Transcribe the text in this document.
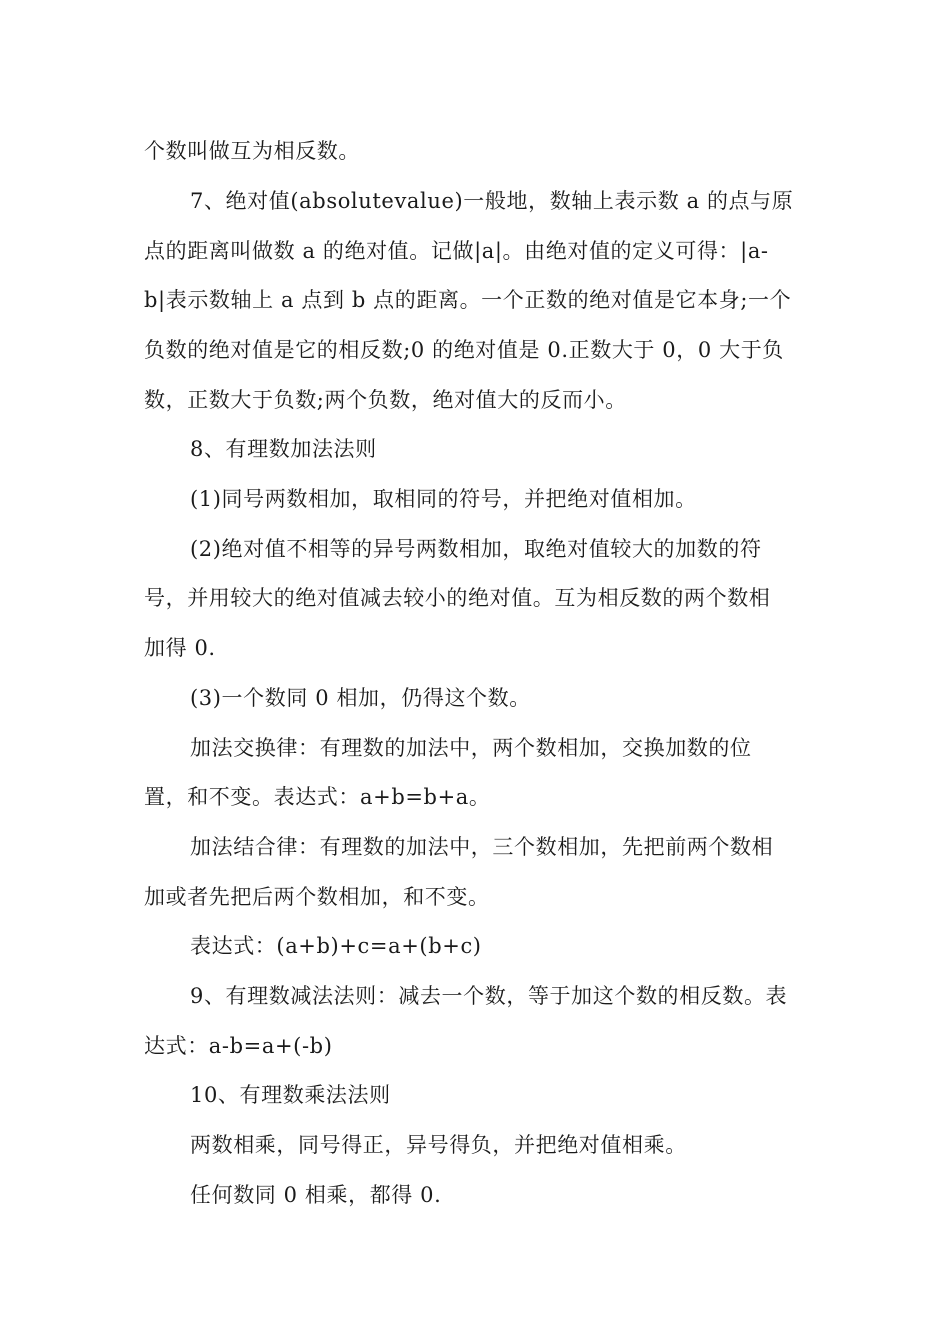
个数叫做互为相反数。
7、绝对值(absolutevalue)一般地，数轴上表示数 a 的点与原
点的距离叫做数 a 的绝对值。记做|a|。由绝对值的定义可得：|a-
b|表示数轴上 a 点到 b 点的距离。一个正数的绝对值是它本身;一个
负数的绝对值是它的相反数;0 的绝对值是 0.正数大于 0，0 大于负
数，正数大于负数;两个负数，绝对值大的反而小。
8、有理数加法法则
(1)同号两数相加，取相同的符号，并把绝对值相加。
(2)绝对值不相等的异号两数相加，取绝对值较大的加数的符
号，并用较大的绝对值减去较小的绝对值。互为相反数的两个数相
加得 0.
(3)一个数同 0 相加，仍得这个数。
加法交换律：有理数的加法中，两个数相加，交换加数的位
置，和不变。表达式：a+b=b+a。
加法结合律：有理数的加法中，三个数相加，先把前两个数相
加或者先把后两个数相加，和不变。
表达式：(a+b)+c=a+(b+c)
9、有理数减法法则：减去一个数，等于加这个数的相反数。表
达式：a-b=a+(-b)
10、有理数乘法法则
两数相乘，同号得正，异号得负，并把绝对值相乘。
任何数同 0 相乘，都得 0.
